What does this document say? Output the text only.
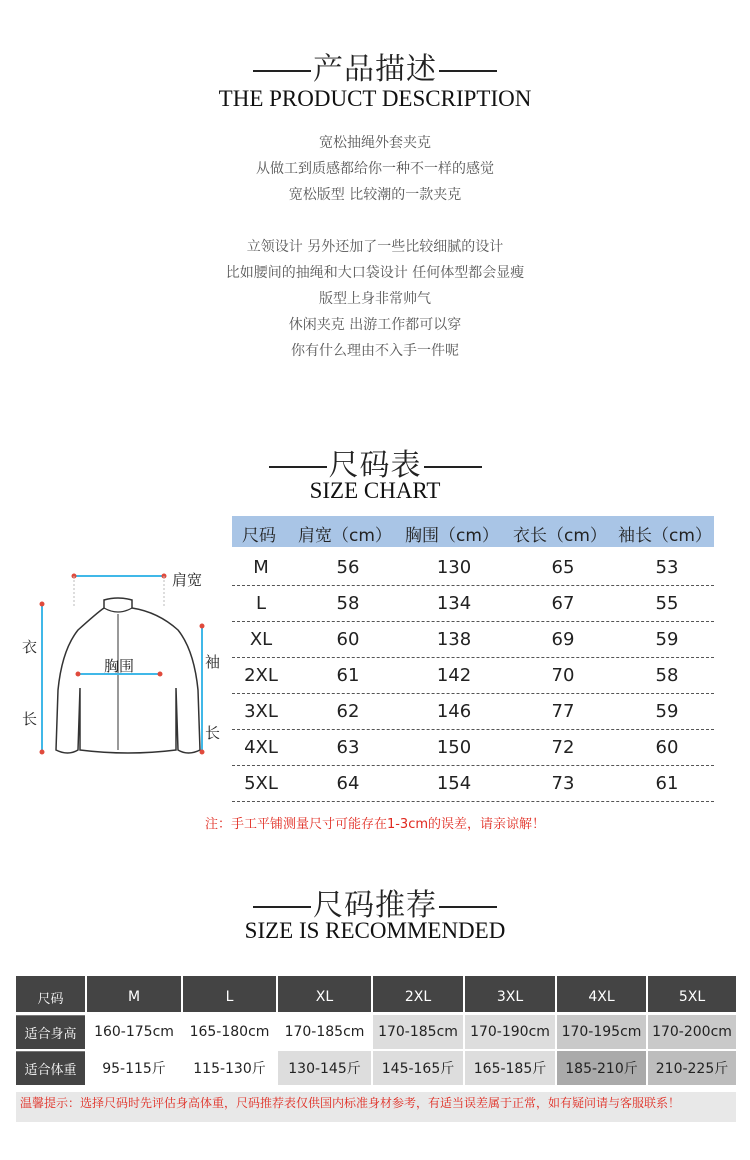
产品描述
THE PRODUCT DESCRIPTION
宽松抽绳外套夹克
从做工到质感都给你一种不一样的感觉
宽松版型 比较潮的一款夹克
立领设计 另外还加了一些比较细腻的设计
比如腰间的抽绳和大口袋设计 任何体型都会显瘦
版型上身非常帅气
休闲夹克 出游工作都可以穿
你有什么理由不入手一件呢
尺码表
SIZE CHART
肩宽
胸围
衣
长
袖
长
尺码 肩宽（cm） 胸围（cm） 衣长（cm） 袖长（cm）
M	56	130	65	53
L	58	134	67	55
XL	60	138	69	59
2XL	61	142	70	58
3XL	62	146	77	59
4XL	63	150	72	60
5XL	64	154	73	61
注：手工平铺测量尺寸可能存在1-3cm的误差，请亲谅解！
尺码推荐
SIZE IS RECOMMENDED
尺码	M	L	XL	2XL	3XL	4XL	5XL
适合身高	160-175cm	165-180cm	170-185cm 170-185cm 170-190cm 170-195cm 170-200cm
适合体重	95-115斤	115-130斤	130-145斤	145-165斤	165-185斤	185-210斤	210-225斤
温馨提示：选择尺码时先评估身高体重，尺码推荐表仅供国内标准身材参考，有适当误差属于正常，如有疑问请与客服联系！
